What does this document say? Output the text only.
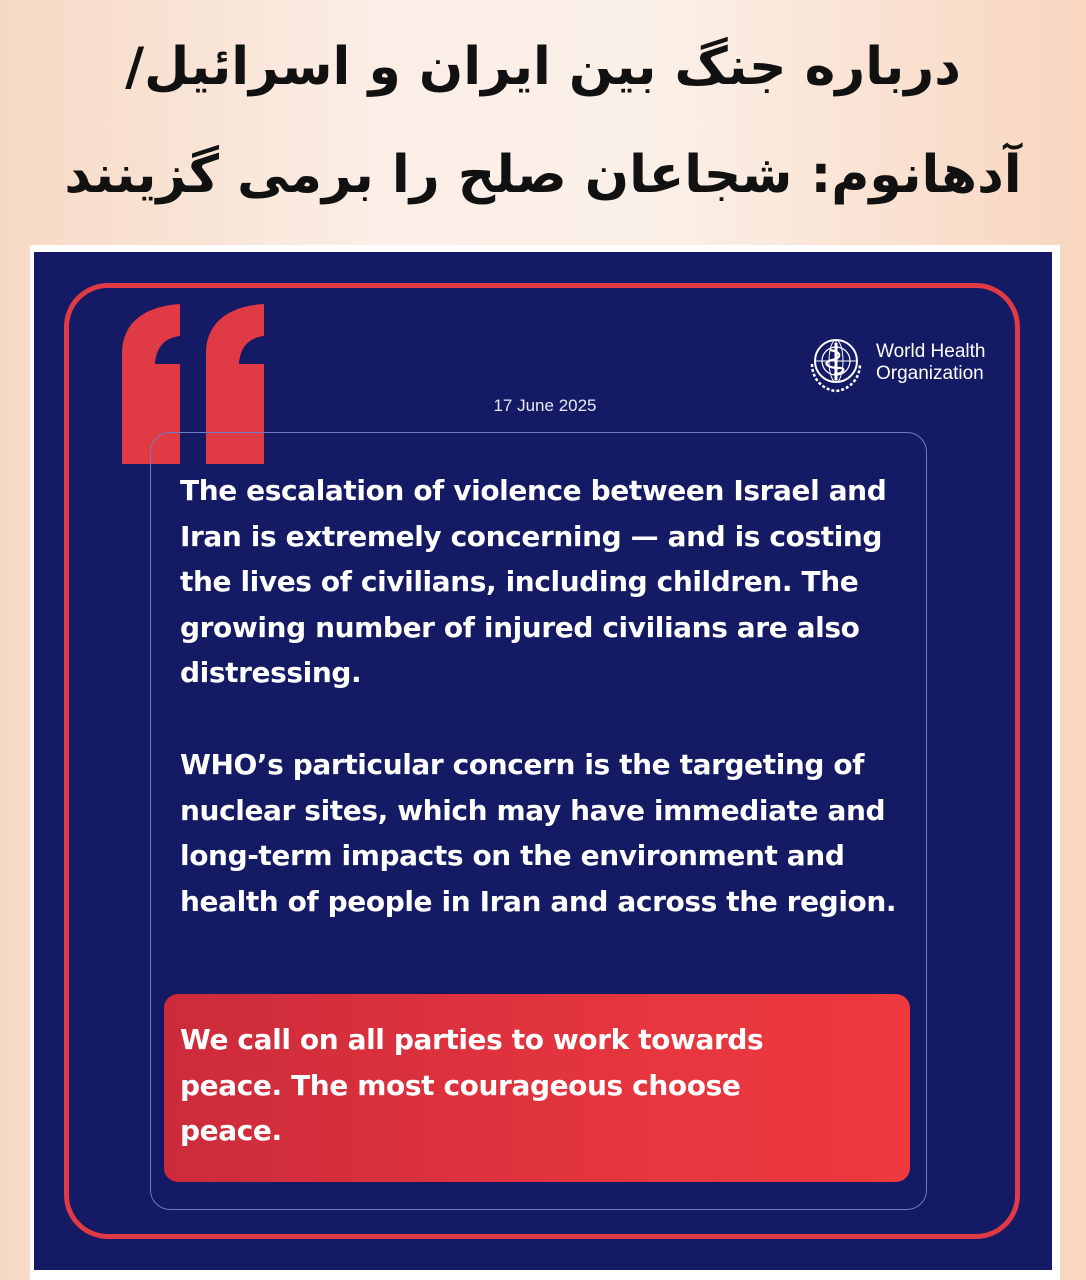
درباره جنگ بین ایران و اسرائیل/
آدهانوم: شجاعان صلح را برمی گزینند
World Health
Organization
17 June 2025
The escalation of violence between Israel and Iran is extremely concerning — and is costing the lives of civilians, including children. The growing number of injured civilians are also distressing.
WHO’s particular concern is the targeting of nuclear sites, which may have immediate and long-term impacts on the environment and health of people in Iran and across the region.
We call on all parties to work towards peace. The most courageous choose peace.
